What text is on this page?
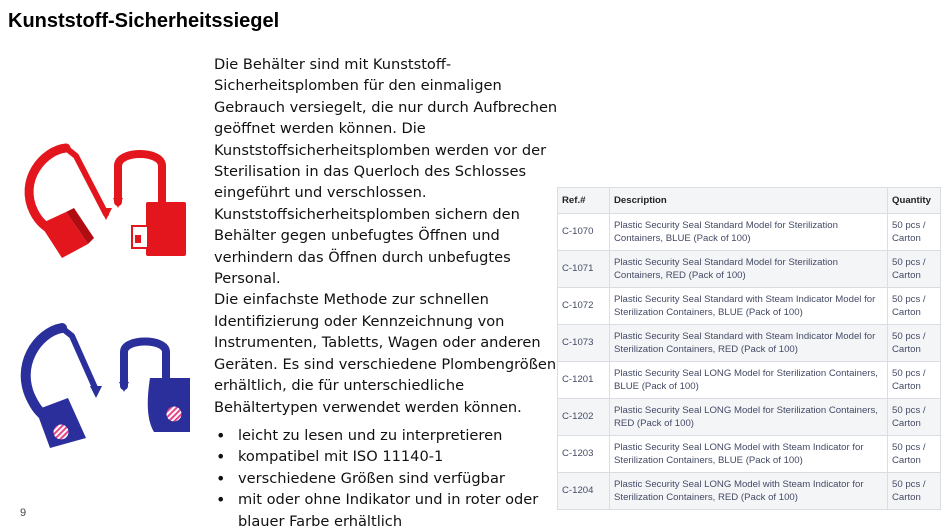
Kunststoff-Sicherheitssiegel

Die Behälter sind mit Kunststoff-Sicherheitsplomben für den einmaligen Gebrauch versiegelt, die nur durch Aufbrechen geöffnet werden können. Die Kunststoffsicherheitsplomben werden vor der Sterilisation in das Querloch des Schlosses eingeführt und verschlossen.

Kunststoffsicherheitsplomben sichern den Behälter gegen unbefugtes Öffnen und verhindern das Öffnen durch unbefugtes Personal.

Die einfachste Methode zur schnellen Identifizierung oder Kennzeichnung von Instrumenten, Tabletts, Wagen oder anderen Geräten. Es sind verschiedene Plombengrößen erhältlich, die für unterschiedliche Behältertypen verwendet werden können.

• leicht zu lesen und zu interpretieren
• kompatibel mit ISO 11140-1
• verschiedene Größen sind verfügbar
• mit oder ohne Indikator und in roter oder blauer Farbe erhältlich
Ref.#	Description	Quantity
C-1070	Plastic Security Seal Standard Model for Sterilization Containers, BLUE (Pack of 100)	50 pcs / Carton
C-1071	Plastic Security Seal Standard Model for Sterilization Containers, RED (Pack of 100)	50 pcs / Carton
C-1072	Plastic Security Seal Standard with Steam Indicator Model for Sterilization Containers, BLUE (Pack of 100)	50 pcs / Carton
C-1073	Plastic Security Seal Standard with Steam Indicator Model for Sterilization Containers, RED (Pack of 100)	50 pcs / Carton
C-1201	Plastic Security Seal LONG Model for Sterilization Containers, BLUE (Pack of 100)	50 pcs / Carton
C-1202	Plastic Security Seal LONG Model for Sterilization Containers, RED (Pack of 100)	50 pcs / Carton
C-1203	Plastic Security Seal LONG Model with Steam Indicator for Sterilization Containers, BLUE (Pack of 100)	50 pcs / Carton
C-1204	Plastic Security Seal LONG Model with Steam Indicator for Sterilization Containers, RED (Pack of 100)	50 pcs / Carton
9
